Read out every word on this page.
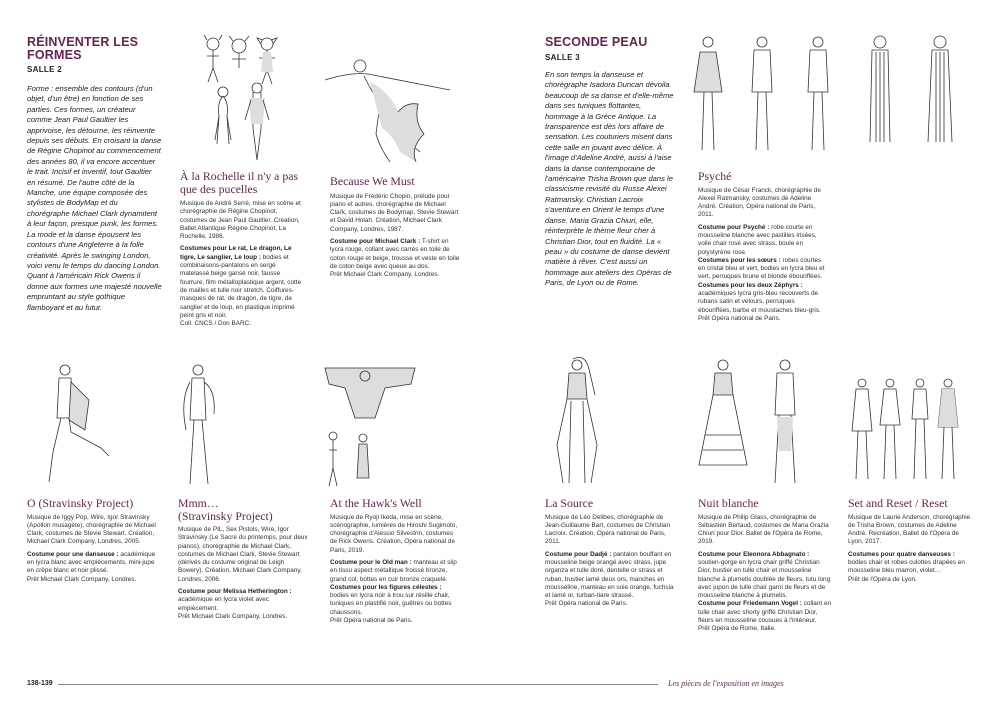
RÉINVENTER LES
FORMES
SALLE 2
Forme : ensemble des contours (d'un objet, d'un être) en fonction de ses parties. Ces formes, un créateur comme Jean Paul Gaultier les apprivoise, les détourne, les réinvente depuis ses débuts. En croisant la danse de Régine Chopinot au commencement des années 80, il va encore accentuer le trait. Incisif et inventif, tout Gaultier en résumé. De l'autre côté de la Manche, une équipe composée des stylistes de BodyMap et du chorégraphe Michael Clark dynamitent à leur façon, presque punk, les formes. La mode et la danse épousent les contours d'une Angleterre à la folle créativité. Après le swinging London, voici venu le temps du dancing London. Quant à l'américain Rick Owens il donne aux formes une majesté nouvelle empruntant au style gothique flamboyant et au futur.
SECONDE PEAU
SALLE 3
En son temps la danseuse et chorégraphe Isadora Duncan dévoila beaucoup de sa danse et d'elle-même dans ses tuniques flottantes, hommage à la Grèce Antique. La transparence est dès lors affaire de sensation. Les couturiers misent dans cette salle en jouant avec délice. À l'image d'Adeline André, aussi à l'aise dans la danse contemporaine de l'américaine Trisha Brown que dans le classicisme revisité du Russe Alexei Ratmansky. Christian Lacroix s'aventure en Orient le temps d'une danse. Maria Grazia Chiuri, elle, réinterprète le thème fleur cher à Christian Dior, tout en fluidité. La « peau » du costume de danse devient matière à rêver. C'est aussi un hommage aux ateliers des Opéras de Paris, de Lyon ou de Rome.
À la Rochelle il n'y a pas que des pucelles

Musique de André Serré, mise en scène et chorégraphie de Régine Chopinot, costumes de Jean Paul Gaultier. Création, Ballet Atlantique Régine Chopinot, La Rochelle, 1986.

Costumes pour Le rat, Le dragon, Le tigre, Le sanglier, Le loup : bodies et combinaisons-pantalons en sergé matelassé beige gansé noir, fausse fourrure, film métalloplastique argent, cotte de mailles et tulle noir stretch. Coiffures-masques de rat, de dragon, de tigre, de sanglier et de loup, en plastique imprimé peint gris et noir.
Coll. CNCS / Don BARC.

Because We Must

Musique de Frédéric Chopin, prélude pour piano et autres, chorégraphie de Michael Clark, costumes de Bodymap, Stevie Stewart et David Holah. Création, Michael Clark Company, Londres, 1987.

Costume pour Michael Clark : T-shirt en lycra rouge, collant avec carrés en toile de coton rouge et beige, trousse et veste en toile de coton beige avec queue au dos.
Prêt Michael Clark Company, Londres.

Psyché

Musique de César Franck, chorégraphie de Alexei Ratmansky, costumes de Adeline André. Création, Opéra national de Paris, 2011.

Costume pour Psyché : robe courte en mousseline blanche avec pastilles irisées, voile chair rosé avec strass, boule en polystyrène rose.

Costumes pour les sœurs : robes courtes en cristal bleu et vert, bodies en lycra bleu et vert, perruques brune et blonde ébouriffées.

Costumes pour les deux Zéphyrs : académiques lycra gris-bleu recouverts de rubans satin et velours, perruques ébouriffées, barbe et moustaches bleu-gris.
Prêt Opéra national de Paris.

O (Stravinsky Project)

Musique de Iggy Pop, Wire, Igor Stravinsky (Apollon musagète), chorégraphie de Michael Clark, costumes de Stevie Stewart. Création, Michael Clark Company, Londres, 2005.

Costume pour une danseuse : académique en lycra blanc avec empiècements, mini-jupe en crêpe blanc et noir plissé.
Prêt Michael Clark Company, Londres.

Mmm…
(Stravinsky Project)

Musique de PIL, Sex Pistols, Wire, Igor Stravinsky (Le Sacre du printemps, pour deux pianos), chorégraphie de Michael Clark, costumes de Michael Clark, Stevie Stewart (dérivés du costume original de Leigh Bowery). Création, Michael Clark Company, Londres, 2006.

Costume pour Melissa Hetherington : académique en lycra violet avec empiècement.
Prêt Michael Clark Company, Londres.

At the Hawk's Well

Musique de Ryoji Ikeda, mise en scène, scénographie, lumières de Hiroshi Sugimoto, chorégraphie d'Alessio Silvestrin, costumes de Rick Owens. Création, Opéra national de Paris, 2019.

Costume pour le Old man : manteau et slip en tissu aspect métallique froissé bronze, grand col, bottes en cuir bronze craquelé.

Costumes pour les figures célestes : bodies en lycra noir à trou sur résille chair, tuniques en plastifié noir, guêtres ou bottes chaussons.
Prêt Opéra national de Paris.

La Source

Musique de Léo Delibes, chorégraphie de Jean-Guillaume Bart, costumes de Christian Lacroix. Création, Opéra national de Paris, 2011.

Costume pour Dadjé : pantalon bouffant en mousseline beige orangé avec strass, jupe organza et tulle doré, dentelle or strass et ruban, bustier lamé deux ors, manches en mousseline, manteau en soie orange, fuchsia et lamé or, turban-tiare strassé.
Prêt Opéra national de Paris.

Nuit blanche

Musique de Philip Glass, chorégraphie de Sébastien Bertaud, costumes de Maria Grazia Chiuri pour Dior. Ballet de l'Opéra de Rome, 2019.

Costume pour Eleonora Abbagnato : soutien-gorge en lycra chair griffé Christian Dior, bustier en tulle chair et mousseline blanche à plumetis doublée de fleurs, tutu long avec jupon de tulle chair garni de fleurs et de mousseline blanche à plumetis.

Costume pour Friedemann Vogel : collant en tulle chair avec shorty griffé Christian Dior, fleurs en mousseline cousues à l'intérieur.
Prêt Opéra de Rome, Italie.

Set and Reset / Reset

Musique de Laurie Anderson, chorégraphie de Trisha Brown, costumes de Adeline André. Recréation, Ballet de l'Opéra de Lyon, 2017.

Costumes pour quatre danseuses : bodies chair et robes culottes drapées en mousseline bleu marron, violet…
Prêt de l'Opéra de Lyon.

138-139	Les pièces de l'exposition en images
